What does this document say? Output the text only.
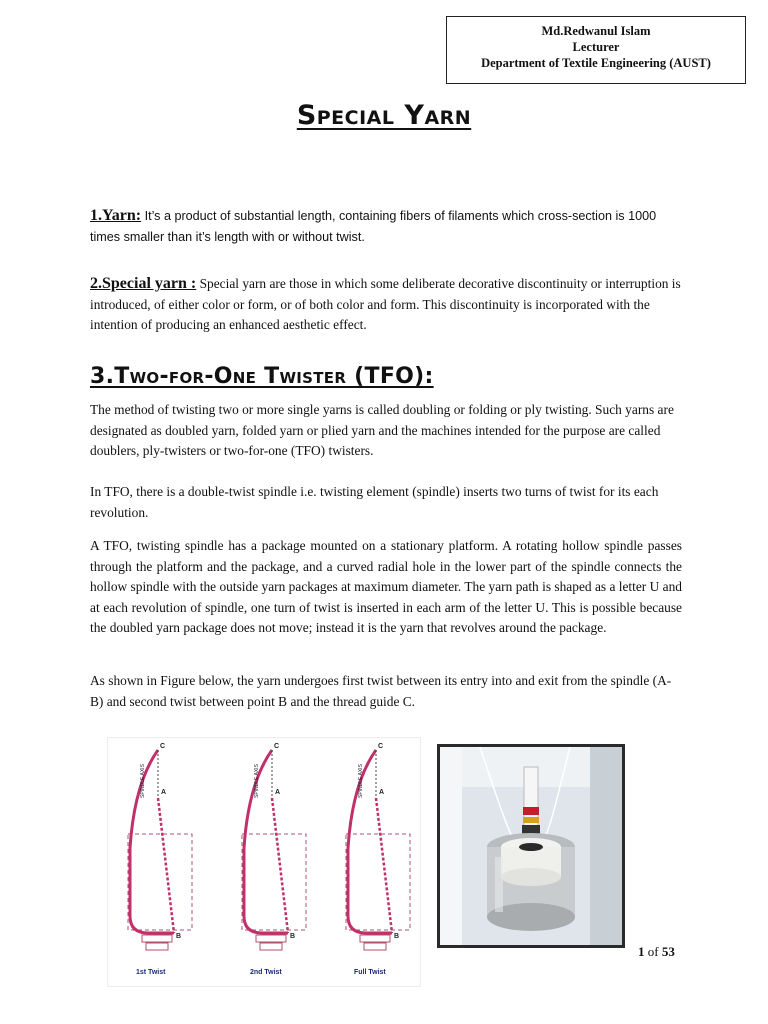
Md.Redwanul Islam
Lecturer
Department of Textile Engineering (AUST)
Special Yarn
1.Yarn: It’s a product of substantial length, containing fibers of filaments which cross-section is 1000 times smaller than it’s length with or without twist.
2.Special yarn : Special yarn are those in which some deliberate decorative discontinuity or interruption is introduced, of either color or form, or of both color and form. This discontinuity is incorporated with the intention of producing an enhanced aesthetic effect.
3.Two-for-One Twister (TFO):
The method of twisting two or more single yarns is called doubling or folding or ply twisting. Such yarns are designated as doubled yarn, folded yarn or plied yarn and the machines intended for the purpose are called doublers, ply-twisters or two-for-one (TFO) twisters.
In TFO, there is a double-twist spindle i.e. twisting element (spindle) inserts two turns of twist for its each revolution.
A TFO, twisting spindle has a package mounted on a stationary platform. A rotating hollow spindle passes through the platform and the package, and a curved radial hole in the lower part of the spindle connects the hollow spindle with the outside yarn packages at maximum diameter. The yarn path is shaped as a letter U and at each revolution of spindle, one turn of twist is inserted in each arm of the letter U. This is possible because the doubled yarn package does not move; instead it is the yarn that revolves around the package.
As shown in Figure below, the yarn undergoes first twist between its entry into and exit from the spindle (A-B) and second twist between point B and the thread guide C.
C
A
B
SPINDLE AXIS
1st Twist
C
A
B
SPINDLE AXIS
2nd Twist
C
A
B
SPINDLE AXIS
Full Twist
1 of 53
